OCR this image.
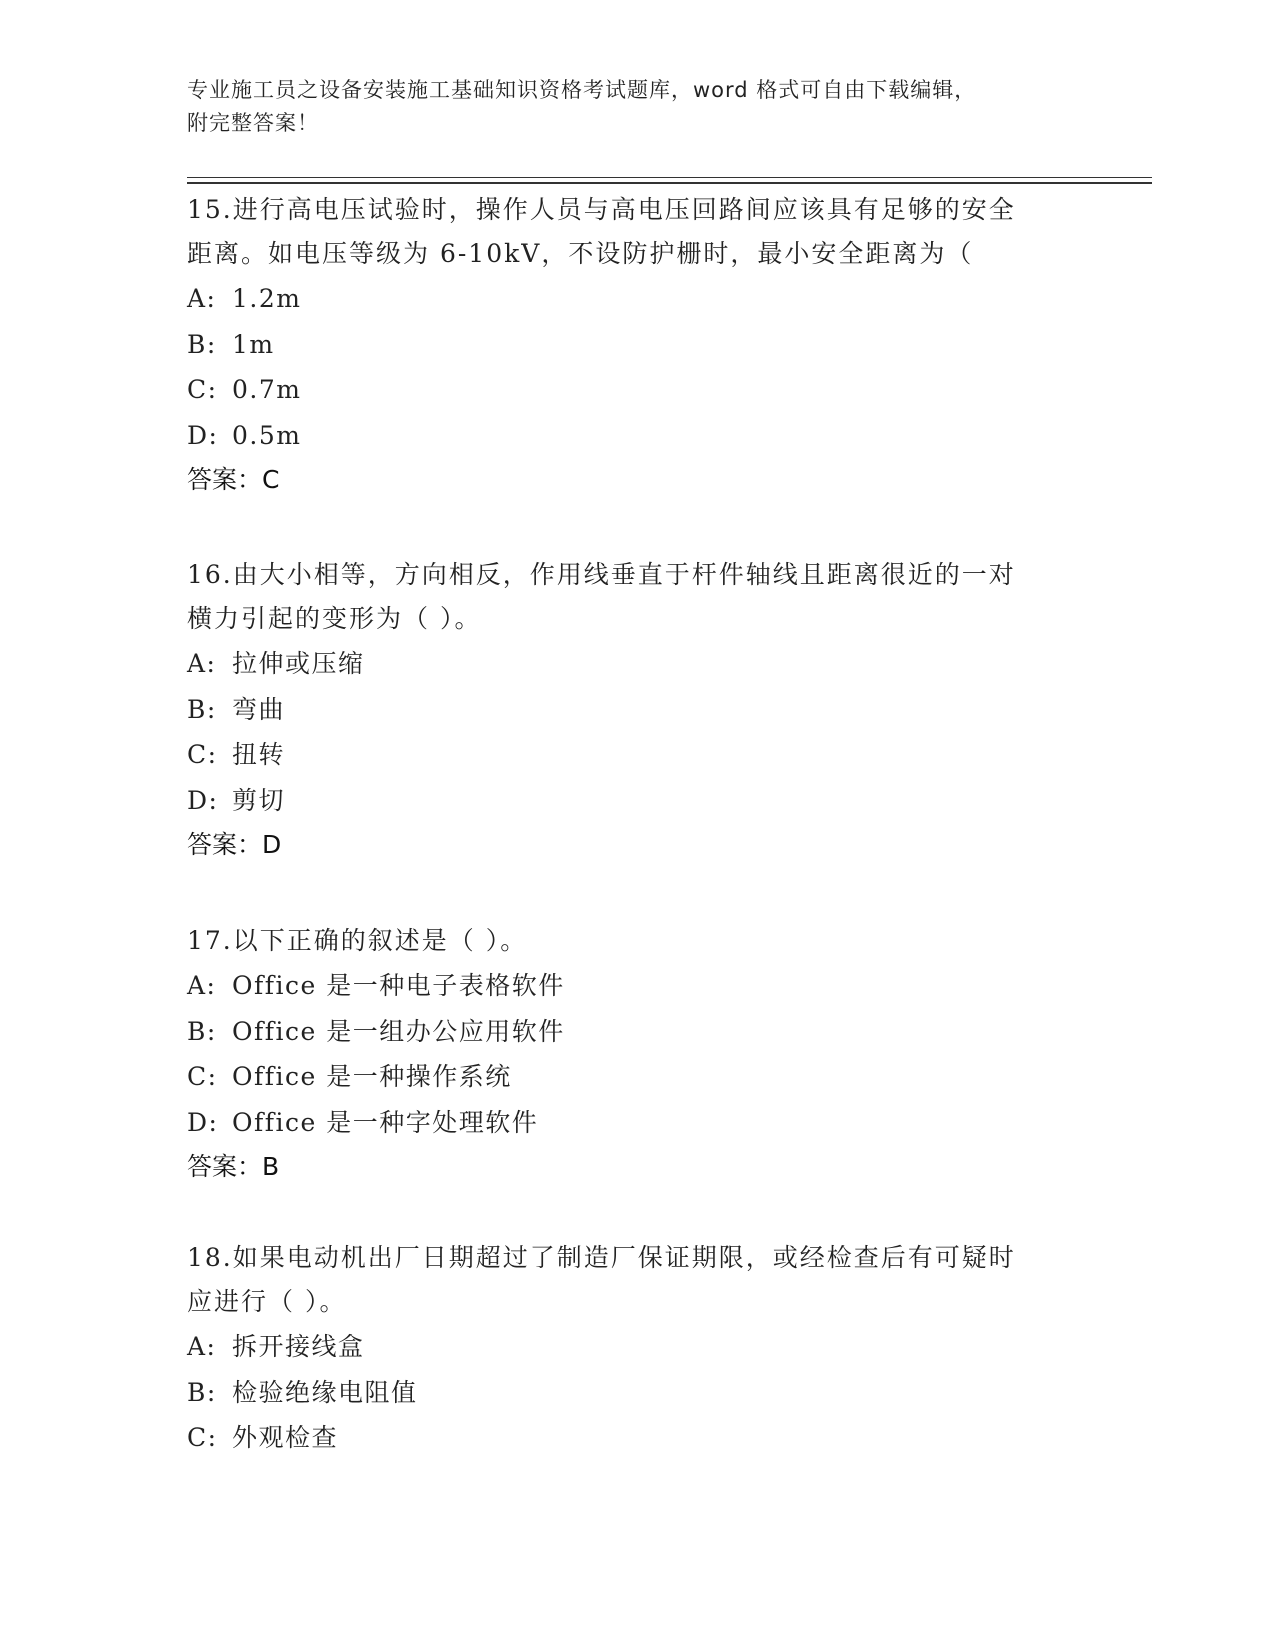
专业施工员之设备安装施工基础知识资格考试题库，word 格式可自由下载编辑，
附完整答案！

15.进行高电压试验时，操作人员与高电压回路间应该具有足够的安全

距离。如电压等级为 6-10kV，不设防护栅时，最小安全距离为（

A: 1.2m

B: 1m

C: 0.7m

D: 0.5m

答案：C

16.由大小相等，方向相反，作用线垂直于杆件轴线且距离很近的一对

横力引起的变形为（ ）。

A: 拉伸或压缩

B: 弯曲

C: 扭转

D: 剪切

答案：D

17.以下正确的叙述是（ ）。

A: Office 是一种电子表格软件

B: Office 是一组办公应用软件

C: Office 是一种操作系统

D: Office 是一种字处理软件

答案：B

18.如果电动机出厂日期超过了制造厂保证期限，或经检查后有可疑时

应进行（ ）。

A: 拆开接线盒

B: 检验绝缘电阻值

C: 外观检查
